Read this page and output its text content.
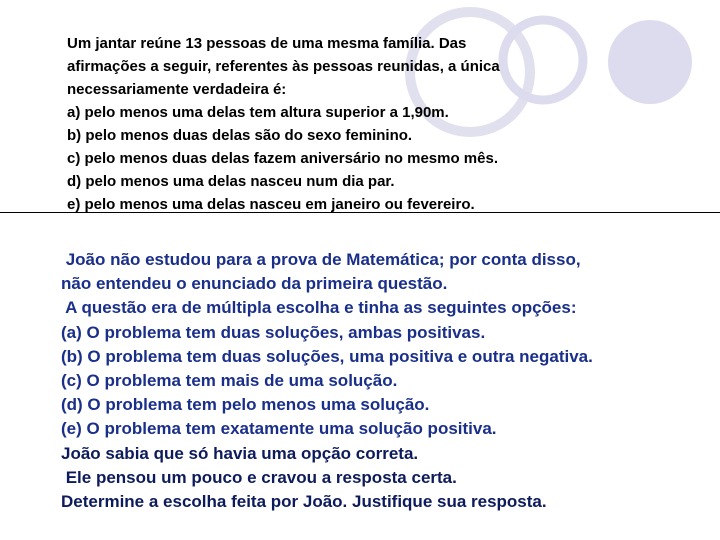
Um jantar reúne 13 pessoas de uma mesma família. Das
afirmações a seguir, referentes às pessoas reunidas, a única
necessariamente verdadeira é:
a) pelo menos uma delas tem altura superior a 1,90m.
b) pelo menos duas delas são do sexo feminino.
c) pelo menos duas delas fazem aniversário no mesmo mês.
d) pelo menos uma delas nasceu num dia par.
e) pelo menos uma delas nasceu em janeiro ou fevereiro.
João não estudou para a prova de Matemática; por conta disso,
não entendeu o enunciado da primeira questão.
A questão era de múltipla escolha e tinha as seguintes opções:
(a) O problema tem duas soluções, ambas positivas.
(b) O problema tem duas soluções, uma positiva e outra negativa.
(c) O problema tem mais de uma solução.
(d) O problema tem pelo menos uma solução.
(e) O problema tem exatamente uma solução positiva.
João sabia que só havia uma opção correta.
Ele pensou um pouco e cravou a resposta certa.
Determine a escolha feita por João. Justifique sua resposta.
